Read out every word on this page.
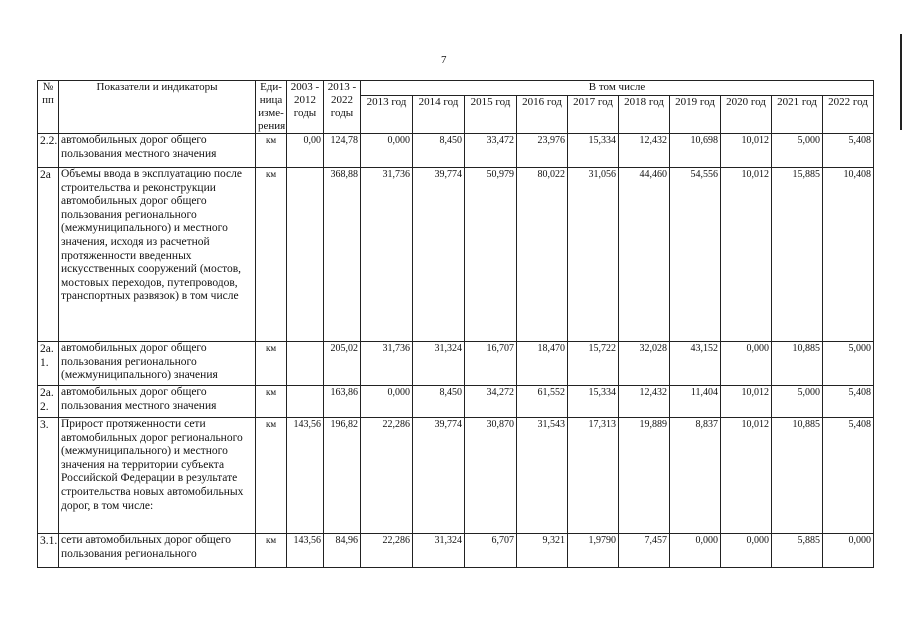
7
№ пп	Показатели и индикаторы	Еди-ница изме-рения	2003 - 2012 годы	2013 - 2022 годы	В том числе									
					2013 год	2014 год	2015 год	2016 год	2017 год	2018 год	2019 год	2020 год	2021 год	2022 год
2.2.	автомобильных дорог общего пользования местного значения	км	0,00	124,78	0,000	8,450	33,472	23,976	15,334	12,432	10,698	10,012	5,000	5,408
2а	Объемы ввода в эксплуатацию после строительства и реконструкции автомобильных дорог общего пользования регионального (межмуниципального) и местного значения, исходя из расчетной протяженности введенных искусственных сооружений (мостов, мостовых переходов, путепроводов, транспортных развязок) в том числе	км		368,88	31,736	39,774	50,979	80,022	31,056	44,460	54,556	10,012	15,885	10,408
2а. 1.	автомобильных дорог общего пользования регионального (межмуниципального) значения	км		205,02	31,736	31,324	16,707	18,470	15,722	32,028	43,152	0,000	10,885	5,000
2а. 2.	автомобильных дорог общего пользования местного значения	км		163,86	0,000	8,450	34,272	61,552	15,334	12,432	11,404	10,012	5,000	5,408
3.	Прирост протяженности сети автомобильных дорог регионального (межмуниципального) и местного значения на территории субъекта Российской Федерации в результате строительства новых автомобильных дорог, в том числе:	км	143,56	196,82	22,286	39,774	30,870	31,543	17,313	19,889	8,837	10,012	10,885	5,408
3.1.	сети автомобильных дорог общего пользования регионального	км	143,56	84,96	22,286	31,324	6,707	9,321	1,9790	7,457	0,000	0,000	5,885	0,000
